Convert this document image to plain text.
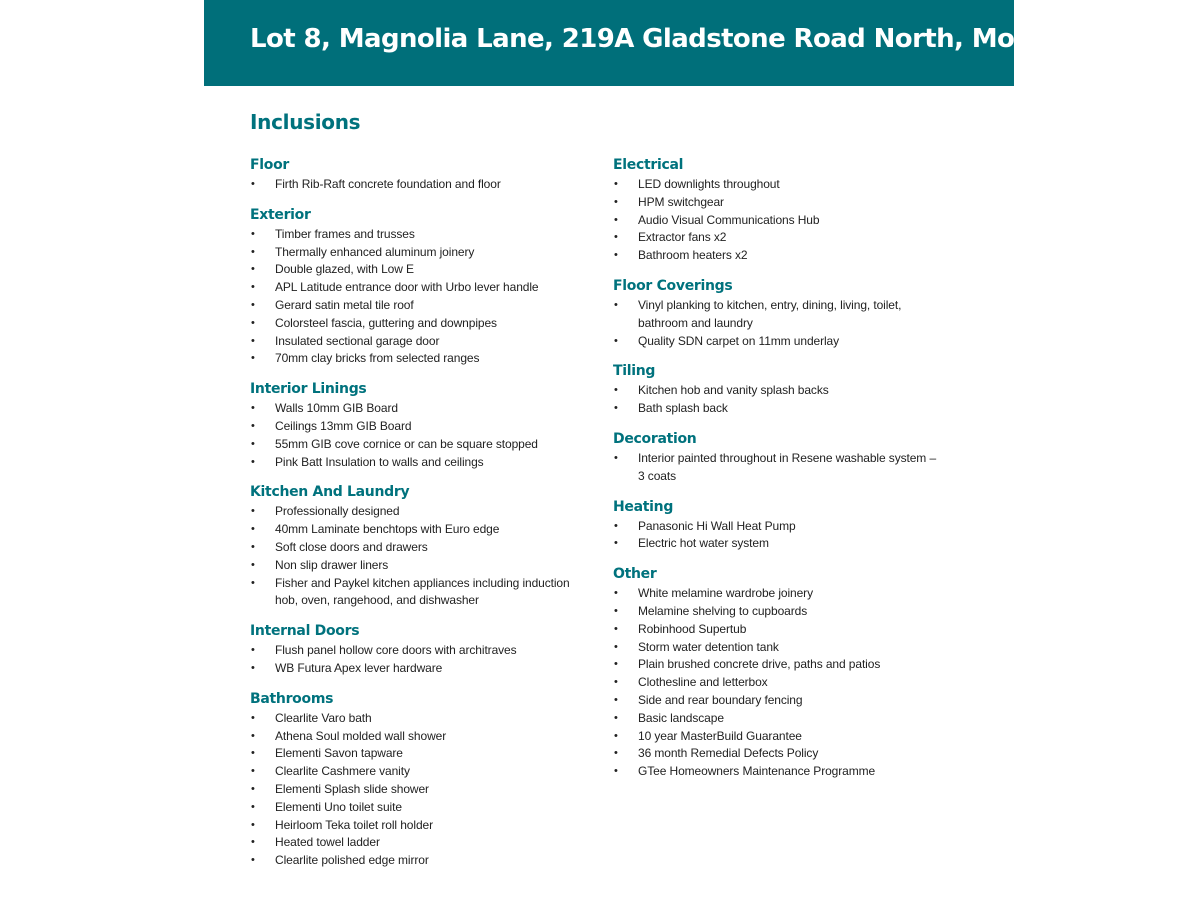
Lot 8, Magnolia Lane, 219A Gladstone Road North, Mosgiel
Inclusions
Floor
• Firth Rib-Raft concrete foundation and floor
Exterior
• Timber frames and trusses
• Thermally enhanced aluminum joinery
• Double glazed, with Low E
• APL Latitude entrance door with Urbo lever handle
• Gerard satin metal tile roof
• Colorsteel fascia, guttering and downpipes
• Insulated sectional garage door
• 70mm clay bricks from selected ranges
Interior Linings
• Walls 10mm GIB Board
• Ceilings 13mm GIB Board
• 55mm GIB cove cornice or can be square stopped
• Pink Batt Insulation to walls and ceilings
Kitchen And Laundry
• Professionally designed
• 40mm Laminate benchtops with Euro edge
• Soft close doors and drawers
• Non slip drawer liners
• Fisher and Paykel kitchen appliances including induction hob, oven, rangehood, and dishwasher
Internal Doors
• Flush panel hollow core doors with architraves
• WB Futura Apex lever hardware
Bathrooms
• Clearlite Varo bath
• Athena Soul molded wall shower
• Elementi Savon tapware
• Clearlite Cashmere vanity
• Elementi Splash slide shower
• Elementi Uno toilet suite
• Heirloom Teka toilet roll holder
• Heated towel ladder
• Clearlite polished edge mirror
Electrical
• LED downlights throughout
• HPM switchgear
• Audio Visual Communications Hub
• Extractor fans x2
• Bathroom heaters x2
Floor Coverings
• Vinyl planking to kitchen, entry, dining, living, toilet, bathroom and laundry
• Quality SDN carpet on 11mm underlay
Tiling
• Kitchen hob and vanity splash backs
• Bath splash back
Decoration
• Interior painted throughout in Resene washable system – 3 coats
Heating
• Panasonic Hi Wall Heat Pump
• Electric hot water system
Other
• White melamine wardrobe joinery
• Melamine shelving to cupboards
• Robinhood Supertub
• Storm water detention tank
• Plain brushed concrete drive, paths and patios
• Clothesline and letterbox
• Side and rear boundary fencing
• Basic landscape
• 10 year MasterBuild Guarantee
• 36 month Remedial Defects Policy
• GTee Homeowners Maintenance Programme
